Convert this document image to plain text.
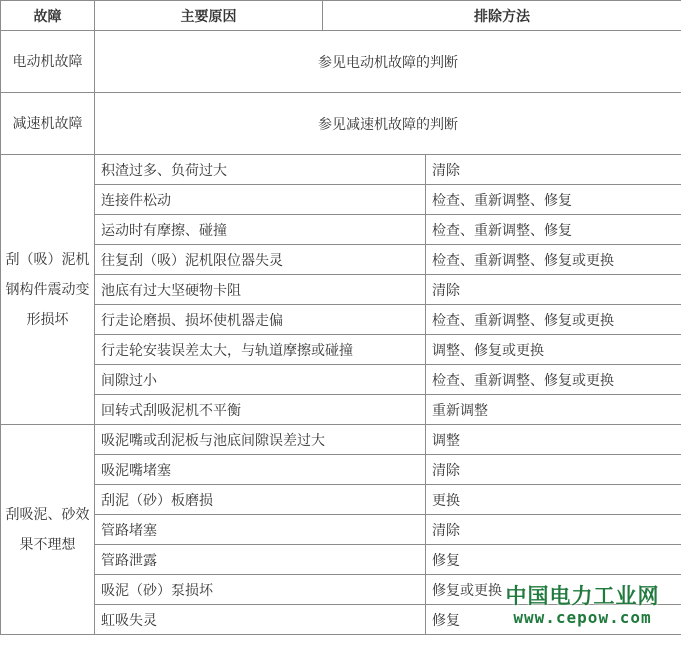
故障	主要原因	排除方法	
电动机故障	参见电动机故障的判断		
减速机故障	参见减速机故障的判断		
刮（吸）泥机钢构件震动变形损坏	积渣过多、负荷过大		清除
	连接件松动		检查、重新调整、修复
	运动时有摩擦、碰撞		检查、重新调整、修复
	往复刮（吸）泥机限位器失灵		检查、重新调整、修复或更换
	池底有过大坚硬物卡阻		清除
	行走论磨损、损坏使机器走偏		检查、重新调整、修复或更换
	行走轮安装误差太大，与轨道摩擦或碰撞		调整、修复或更换
	间隙过小		检查、重新调整、修复或更换
	回转式刮吸泥机不平衡		重新调整
刮吸泥、砂效果不理想	吸泥嘴或刮泥板与池底间隙误差过大		调整
	吸泥嘴堵塞		清除
	刮泥（砂）板磨损		更换
	管路堵塞		清除
	管路泄露		修复
	吸泥（砂）泵损坏		修复或更换
	虹吸失灵		修复
中国电力工业网
www.cepow.com
